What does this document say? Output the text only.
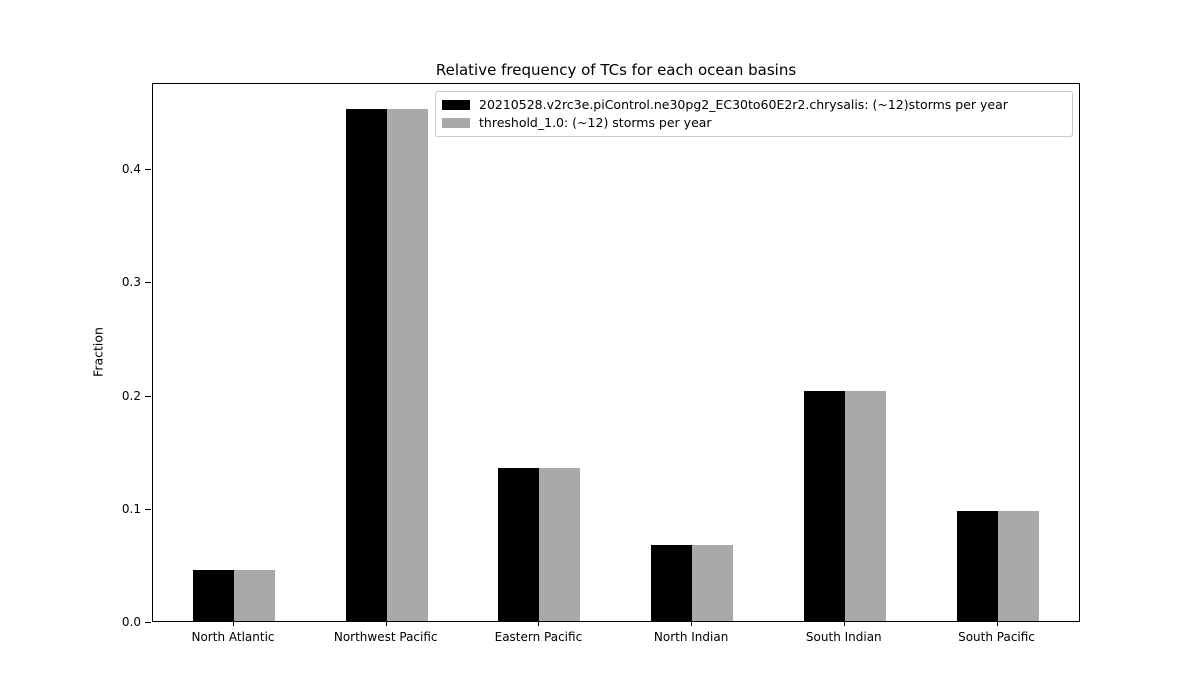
Relative frequency of TCs for each ocean basins
Fraction
0.0
0.1
0.2
0.3
0.4
North Atlantic	Northwest Pacific	Eastern Pacific	North Indian	South Indian	South Pacific
20210528.v2rc3e.piControl.ne30pg2_EC30to60E2r2.chrysalis: (~12)storms per year
threshold_1.0: (~12) storms per year
